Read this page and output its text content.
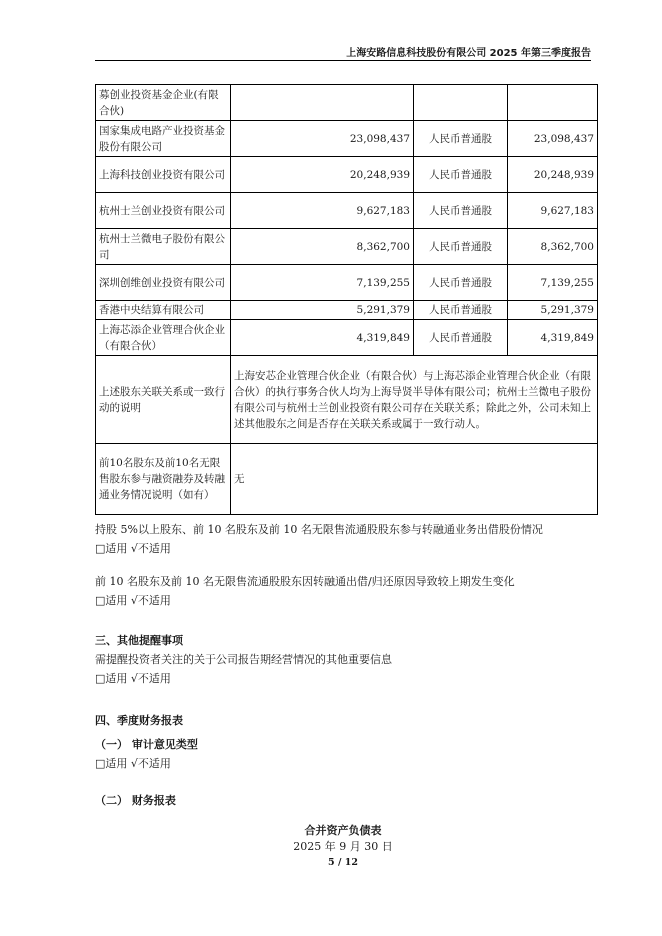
上海安路信息科技股份有限公司 2025 年第三季度报告
募创业投资基金企业(有限合伙)			
国家集成电路产业投资基金股份有限公司	23,098,437	人民币普通股	23,098,437
上海科技创业投资有限公司	20,248,939	人民币普通股	20,248,939
杭州士兰创业投资有限公司	9,627,183	人民币普通股	9,627,183
杭州士兰微电子股份有限公司	8,362,700	人民币普通股	8,362,700
深圳创维创业投资有限公司	7,139,255	人民币普通股	7,139,255
香港中央结算有限公司	5,291,379	人民币普通股	5,291,379
上海芯添企业管理合伙企业（有限合伙）	4,319,849	人民币普通股	4,319,849
上述股东关联关系或一致行动的说明	上海安芯企业管理合伙企业（有限合伙）与上海芯添企业管理合伙企业（有限合伙）的执行事务合伙人均为上海导贤半导体有限公司；杭州士兰微电子股份有限公司与杭州士兰创业投资有限公司存在关联关系；除此之外，公司未知上述其他股东之间是否存在关联关系或属于一致行动人。		
前10名股东及前10名无限售股东参与融资融券及转融通业务情况说明（如有）	无		
持股 5%以上股东、前 10 名股东及前 10 名无限售流通股股东参与转融通业务出借股份情况
□适用 √不适用
前 10 名股东及前 10 名无限售流通股股东因转融通出借/归还原因导致较上期发生变化
□适用 √不适用
三、其他提醒事项
需提醒投资者关注的关于公司报告期经营情况的其他重要信息
□适用 √不适用
四、季度财务报表
（一） 审计意见类型
□适用 √不适用
（二） 财务报表
合并资产负债表
2025 年 9 月 30 日
5 / 12
